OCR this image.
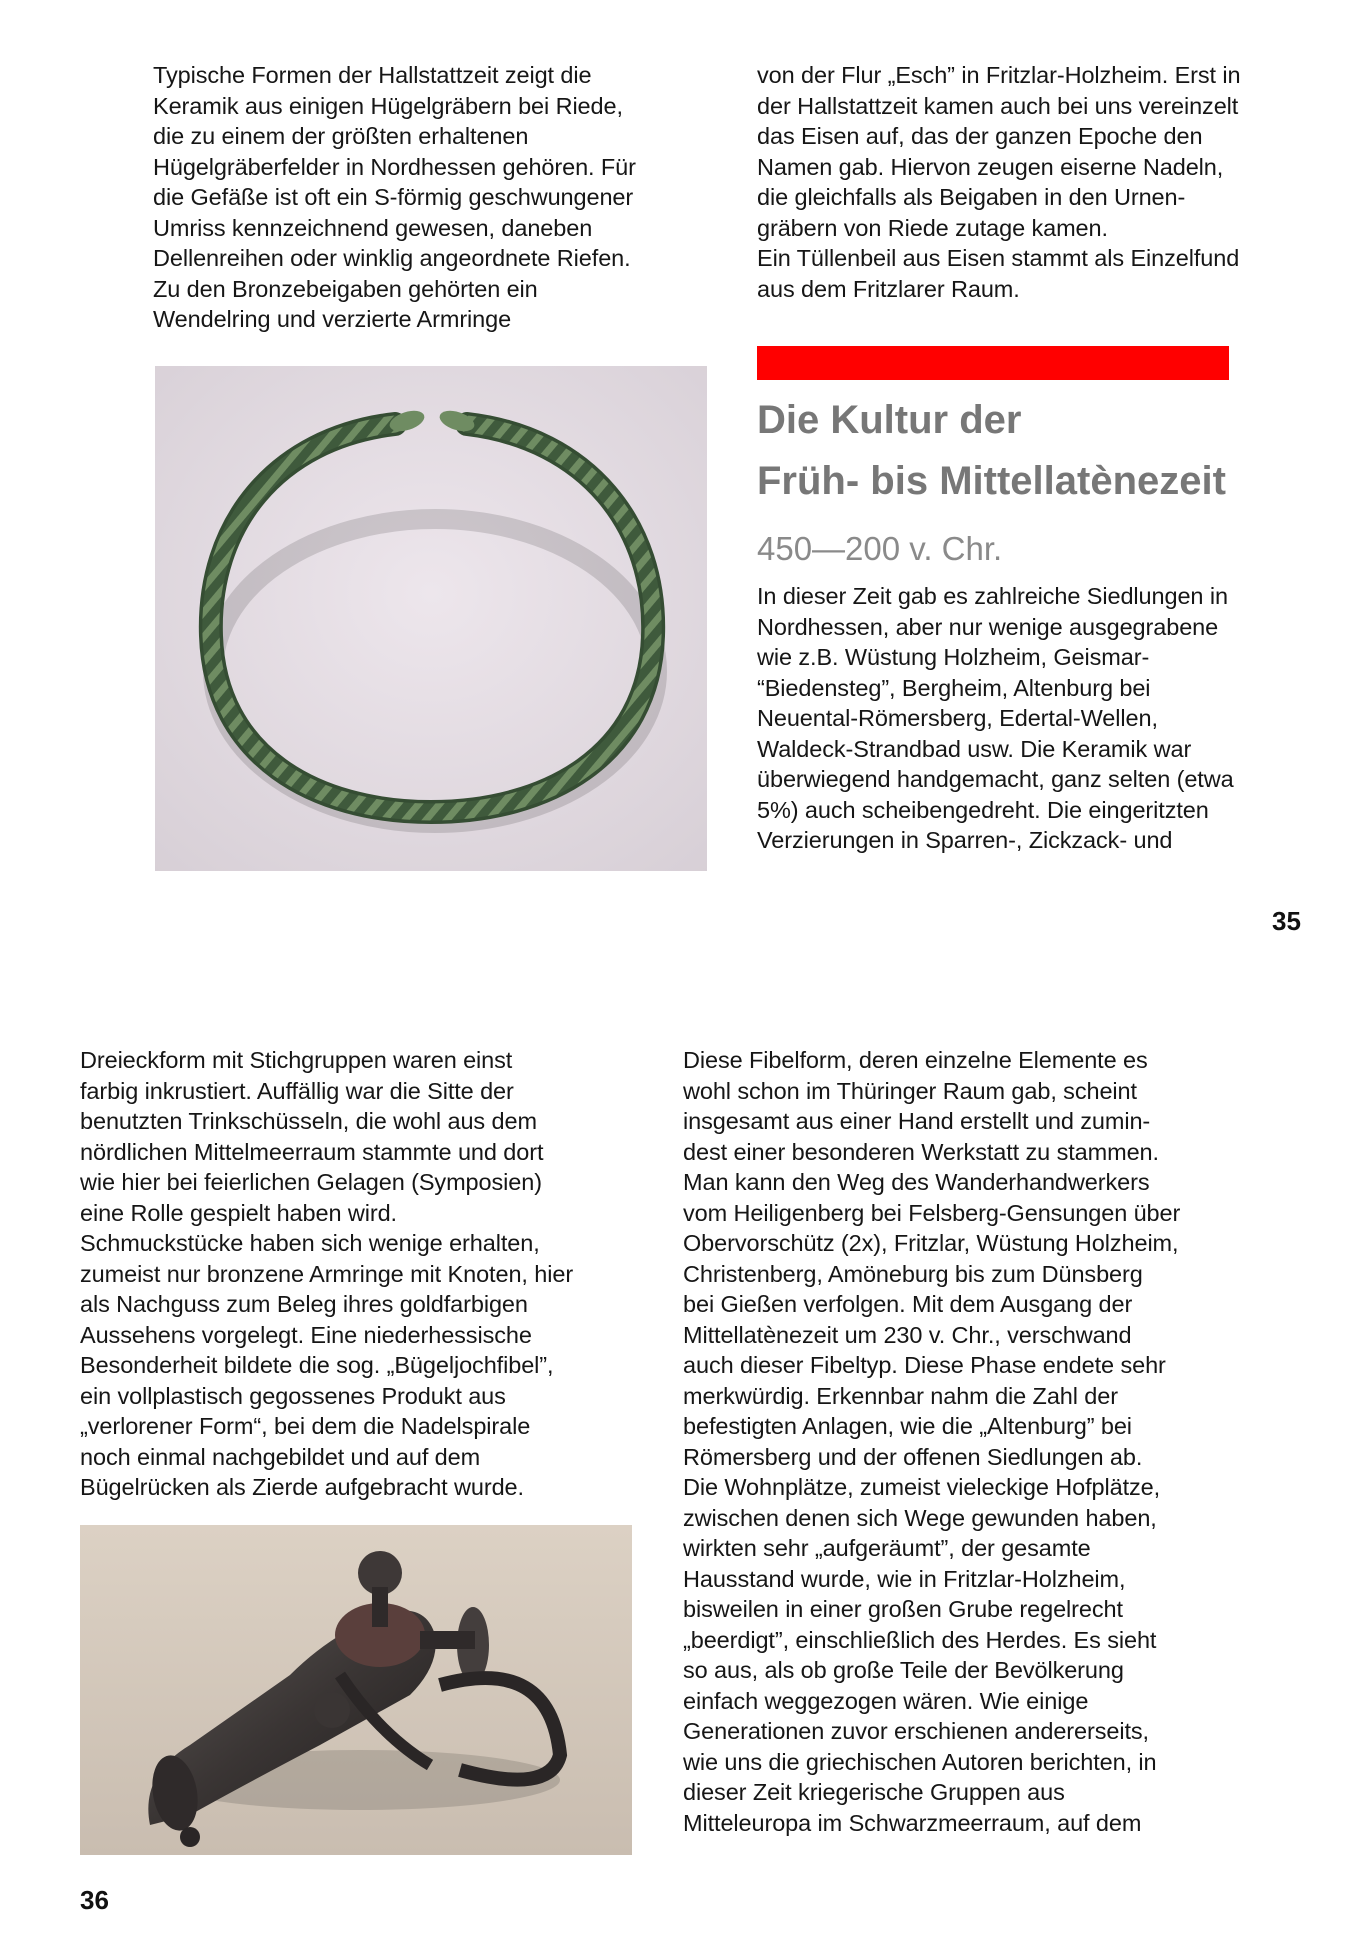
Typische Formen der Hallstattzeit zeigt die
Keramik aus einigen Hügelgräbern bei Riede,
die zu einem der größten erhaltenen
Hügelgräberfelder in Nordhessen gehören. Für
die Gefäße ist oft ein S-förmig geschwungener
Umriss kennzeichnend gewesen, daneben
Dellenreihen oder winklig angeordnete Riefen.
Zu den Bronzebeigaben gehörten ein
Wendelring und verzierte Armringe
von der Flur „Esch” in Fritzlar-Holzheim. Erst in
der Hallstattzeit kamen auch bei uns vereinzelt
das Eisen auf, das der ganzen Epoche den
Namen gab. Hiervon zeugen eiserne Nadeln,
die gleichfalls als Beigaben in den Urnen-
gräbern von Riede zutage kamen.
Ein Tüllenbeil aus Eisen stammt als Einzelfund
aus dem Fritzlarer Raum.
Die Kultur der
Früh- bis Mittellatènezeit
450—200 v. Chr.
In dieser Zeit gab es zahlreiche Siedlungen in
Nordhessen, aber nur wenige ausgegrabene
wie z.B. Wüstung Holzheim, Geismar-
“Biedensteg”, Bergheim, Altenburg bei
Neuental-Römersberg, Edertal-Wellen,
Waldeck-Strandbad usw. Die Keramik war
überwiegend handgemacht, ganz selten (etwa
5%) auch scheibengedreht. Die eingeritzten
Verzierungen in Sparren-, Zickzack- und
35
Dreieckform mit Stichgruppen waren einst
farbig inkrustiert. Auffällig war die Sitte der
benutzten Trinkschüsseln, die wohl aus dem
nördlichen Mittelmeerraum stammte und dort
wie hier bei feierlichen Gelagen (Symposien)
eine Rolle gespielt haben wird.
Schmuckstücke haben sich wenige erhalten,
zumeist nur bronzene Armringe mit Knoten, hier
als Nachguss zum Beleg ihres goldfarbigen
Aussehens vorgelegt. Eine niederhessische
Besonderheit bildete die sog. „Bügeljochfibel”,
ein vollplastisch gegossenes Produkt aus
„verlorener Form“, bei dem die Nadelspirale
noch einmal nachgebildet und auf dem
Bügelrücken als Zierde aufgebracht wurde.
Diese Fibelform, deren einzelne Elemente es
wohl schon im Thüringer Raum gab, scheint
insgesamt aus einer Hand erstellt und zumin-
dest einer besonderen Werkstatt zu stammen.
Man kann den Weg des Wanderhandwerkers
vom Heiligenberg bei Felsberg-Gensungen über
Obervorschütz (2x), Fritzlar, Wüstung Holzheim,
Christenberg, Amöneburg bis zum Dünsberg
bei Gießen verfolgen. Mit dem Ausgang der
Mittellatènezeit um 230 v. Chr., verschwand
auch dieser Fibeltyp. Diese Phase endete sehr
merkwürdig. Erkennbar nahm die Zahl der
befestigten Anlagen, wie die „Altenburg” bei
Römersberg und der offenen Siedlungen ab.
Die Wohnplätze, zumeist vieleckige Hofplätze,
zwischen denen sich Wege gewunden haben,
wirkten sehr „aufgeräumt”, der gesamte
Hausstand wurde, wie in Fritzlar-Holzheim,
bisweilen in einer großen Grube regelrecht
„beerdigt”, einschließlich des Herdes. Es sieht
so aus, als ob große Teile der Bevölkerung
einfach weggezogen wären. Wie einige
Generationen zuvor erschienen andererseits,
wie uns die griechischen Autoren berichten, in
dieser Zeit kriegerische Gruppen aus
Mitteleuropa im Schwarzmeerraum, auf dem
36
